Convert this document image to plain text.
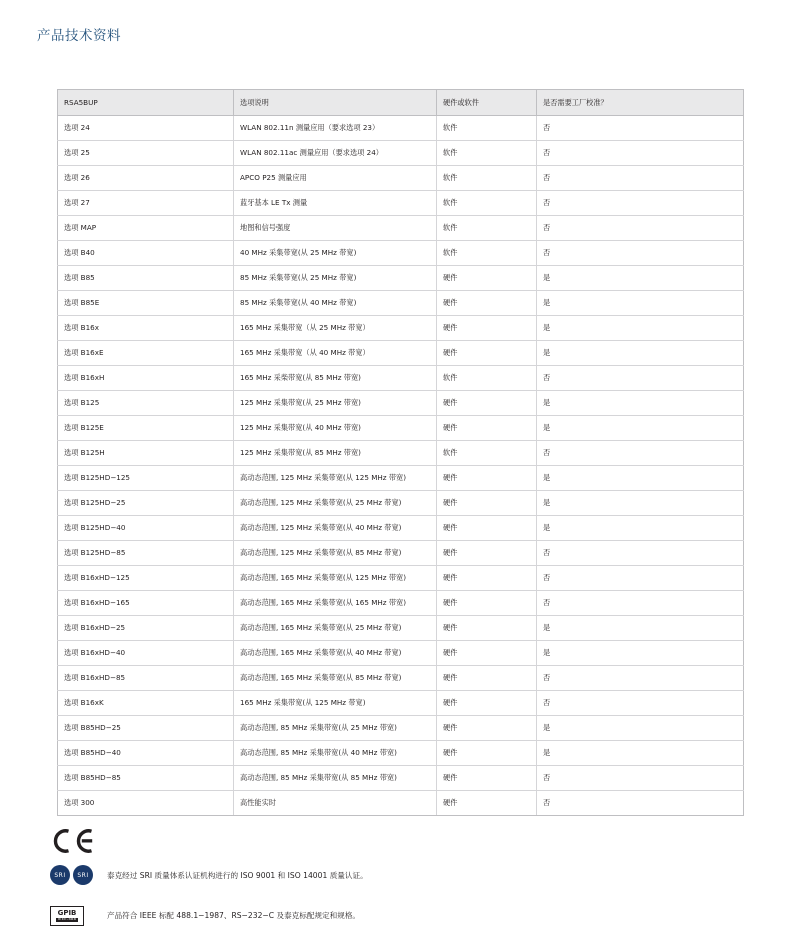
产品技术资料
RSA5BUP	选项说明	硬件或软件	是否需要工厂校准？
选项 24	WLAN 802.11n 测量应用（要求选项 23）	软件	否
选项 25	WLAN 802.11ac 测量应用（要求选项 24）	软件	否
选项 26	APCO P25 测量应用	软件	否
选项 27	蓝牙基本 LE Tx 测量	软件	否
选项 MAP	地图和信号强度	软件	否
选项 B40	40 MHz 采集带宽(从 25 MHz 带宽)	软件	否
选项 B85	85 MHz 采集带宽(从 25 MHz 带宽)	硬件	是
选项 B85E	85 MHz 采集带宽(从 40 MHz 带宽)	硬件	是
选项 B16x	165 MHz 采集带宽（从 25 MHz 带宽）	硬件	是
选项 B16xE	165 MHz 采集带宽（从 40 MHz 带宽）	硬件	是
选项 B16xH	165 MHz 采柴带宽(从 85 MHz 带宽)	软件	否
选项 B125	125 MHz 采集带宽(从 25 MHz 带宽)	硬件	是
选项 B125E	125 MHz 采集带宽(从 40 MHz 带宽)	硬件	是
选项 B125H	125 MHz 采集带宽(从 85 MHz 带宽)	软件	否
选项 B125HD−125	高动态范围, 125 MHz 采集带宽(从 125 MHz 带宽)	硬件	是
选项 B125HD−25	高动态范围, 125 MHz 采集带宽(从 25 MHz 带宽)	硬件	是
选项 B125HD−40	高动态范围, 125 MHz 采集带宽(从 40 MHz 带宽)	硬件	是
选项 B125HD−85	高动态范围, 125 MHz 采集带宽(从 85 MHz 带宽)	硬件	否
选项 B16xHD−125	高动态范围, 165 MHz 采集带宽(从 125 MHz 带宽)	硬件	否
选项 B16xHD−165	高动态范围, 165 MHz 采集带宽(从 165 MHz 带宽)	硬件	否
选项 B16xHD−25	高动态范围, 165 MHz 采集带宽(从 25 MHz 带宽)	硬件	是
选项 B16xHD−40	高动态范围, 165 MHz 采集带宽(从 40 MHz 带宽)	硬件	是
选项 B16xHD−85	高动态范围, 165 MHz 采集带宽(从 85 MHz 带宽)	硬件	否
选项 B16xK	165 MHz 采集带宽(从 125 MHz 带宽)	硬件	否
选项 B85HD−25	高动态范围, 85 MHz 采集带宽(从 25 MHz 带宽)	硬件	是
选项 B85HD−40	高动态范围, 85 MHz 采集带宽(从 40 MHz 带宽)	硬件	是
选项 B85HD−85	高动态范围, 85 MHz 采集带宽(从 85 MHz 带宽)	硬件	否
选项 300	高性能实时	硬件	否
SRI	SRI	泰克经过 SRI 质量体系认证机构进行的 ISO 9001 和 ISO 14001 质量认证。
GPIB
IEEE-488	产品符合 IEEE 标配 488.1−1987、RS−232−C 及泰克标配规定和规格。
